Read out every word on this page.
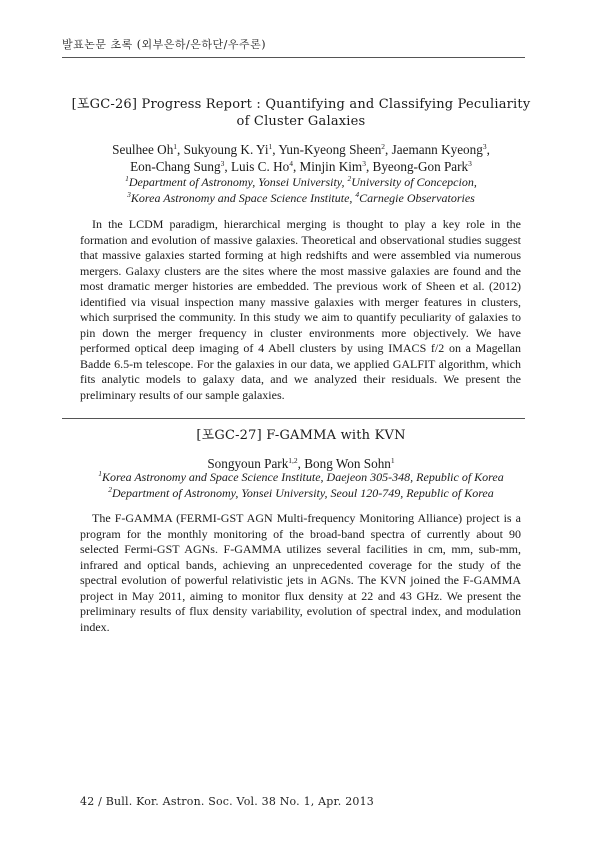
발표논문 초록 (외부은하/은하단/우주론)
[포GC-26] Progress Report : Quantifying and Classifying Peculiarity
of Cluster Galaxies
Seulhee Oh$^1$, Sukyoung K. Yi$^1$, Yun-Kyeong Sheen$^2$, Jaemann Kyeong$^3$,
Eon-Chang Sung$^3$, Luis C. Ho$^4$, Minjin Kim$^3$, Byeong-Gon Park$^3$
$^1$Department of Astronomy, Yonsei University, $^2$University of Concepcion,
$^3$Korea Astronomy and Space Science Institute, $^4$Carnegie Observatories

In the LCDM paradigm, hierarchical merging is thought to play a key role in the formation and evolution of massive galaxies. Theoretical and observational studies suggest that massive galaxies started forming at high redshifts and were assembled via numerous mergers. Galaxy clusters are the sites where the most massive galaxies are found and the most dramatic merger histories are embedded. The previous work of Sheen et al. (2012) identified via visual inspection many massive galaxies with merger features in clusters, which surprised the community. In this study we aim to quantify peculiarity of galaxies to pin down the merger frequency in cluster environments more objectively. We have performed optical deep imaging of 4 Abell clusters by using IMACS f/2 on a Magellan Badde 6.5-m telescope. For the galaxies in our data, we applied GALFIT algorithm, which fits analytic models to galaxy data, and we analyzed their residuals. We present the preliminary results of our sample galaxies.

[포GC-27] F-GAMMA with KVN
Songyoun Park$^{1,2}$, Bong Won Sohn$^1$
$^1$Korea Astronomy and Space Science Institute, Daejeon 305-348, Republic of Korea
$^2$Department of Astronomy, Yonsei University, Seoul 120-749, Republic of Korea

The F-GAMMA (FERMI-GST AGN Multi-frequency Monitoring Alliance) project is a program for the monthly monitoring of the broad-band spectra of currently about 90 selected Fermi-GST AGNs. F-GAMMA utilizes several facilities in cm, mm, sub-mm, infrared and optical bands, achieving an unprecedented coverage for the study of the spectral evolution of powerful relativistic jets in AGNs. The KVN joined the F-GAMMA project in May 2011, aiming to monitor flux density at 22 and 43 GHz. We present the preliminary results of flux density variability, evolution of spectral index, and modulation index.

42 / Bull. Kor. Astron. Soc. Vol. 38 No. 1, Apr. 2013
